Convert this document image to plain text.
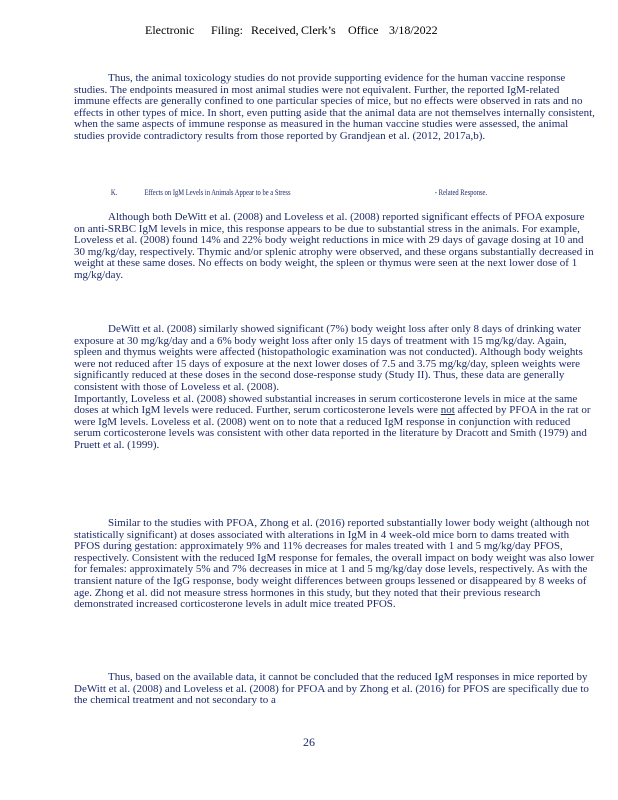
Electronic Filing: Received, Clerk’s Office 3/18/2022

Thus, the animal toxicology studies do not provide supporting evidence for the human vaccine response studies. The endpoints measured in most animal studies were not equivalent. Further, the reported IgM-related immune effects are generally confined to one particular species of mice, but no effects were observed in rats and no effects in other types of mice. In short, even putting aside that the animal data are not themselves internally consistent, when the same aspects of immune response as measured in the human vaccine studies were assessed, the animal studies provide contradictory results from those reported by Grandjean et al. (2012, 2017a,b).

K.	Effects on IgM Levels in Animals Appear to be a Stress	- Related Response.

Although both DeWitt et al. (2008) and Loveless et al. (2008) reported significant effects of PFOA exposure on anti-SRBC IgM levels in mice, this response appears to be due to substantial stress in the animals. For example, Loveless et al. (2008) found 14% and 22% body weight reductions in mice with 29 days of gavage dosing at 10 and 30 mg/kg/day, respectively. Thymic and/or splenic atrophy were observed, and these organs substantially decreased in weight at these same doses. No effects on body weight, the spleen or thymus were seen at the next lower dose of 1 mg/kg/day.

DeWitt et al. (2008) similarly showed significant (7%) body weight loss after only 8 days of drinking water exposure at 30 mg/kg/day and a 6% body weight loss after only 15 days of treatment with 15 mg/kg/day. Again, spleen and thymus weights were affected (histopathologic examination was not conducted). Although body weights were not reduced after 15 days of exposure at the next lower doses of 7.5 and 3.75 mg/kg/day, spleen weights were significantly reduced at these doses in the second dose-response study (Study II). Thus, these data are generally consistent with those of Loveless et al. (2008).

Importantly, Loveless et al. (2008) showed substantial increases in serum corticosterone levels in mice at the same doses at which IgM levels were reduced. Further, serum corticosterone levels were not affected by PFOA in the rat or were IgM levels. Loveless et al. (2008) went on to note that a reduced IgM response in conjunction with reduced serum corticosterone levels was consistent with other data reported in the literature by Dracott and Smith (1979) and Pruett et al. (1999).

Similar to the studies with PFOA, Zhong et al. (2016) reported substantially lower body weight (although not statistically significant) at doses associated with alterations in IgM in 4 week-old mice born to dams treated with PFOS during gestation: approximately 9% and 11% decreases for males treated with 1 and 5 mg/kg/day PFOS, respectively. Consistent with the reduced IgM response for females, the overall impact on body weight was also lower for females: approximately 5% and 7% decreases in mice at 1 and 5 mg/kg/day dose levels, respectively. As with the transient nature of the IgG response, body weight differences between groups lessened or disappeared by 8 weeks of age. Zhong et al. did not measure stress hormones in this study, but they noted that their previous research demonstrated increased corticosterone levels in adult mice treated PFOS.

Thus, based on the available data, it cannot be concluded that the reduced IgM responses in mice reported by DeWitt et al. (2008) and Loveless et al. (2008) for PFOA and by Zhong et al. (2016) for PFOS are specifically due to the chemical treatment and not secondary to a

26
